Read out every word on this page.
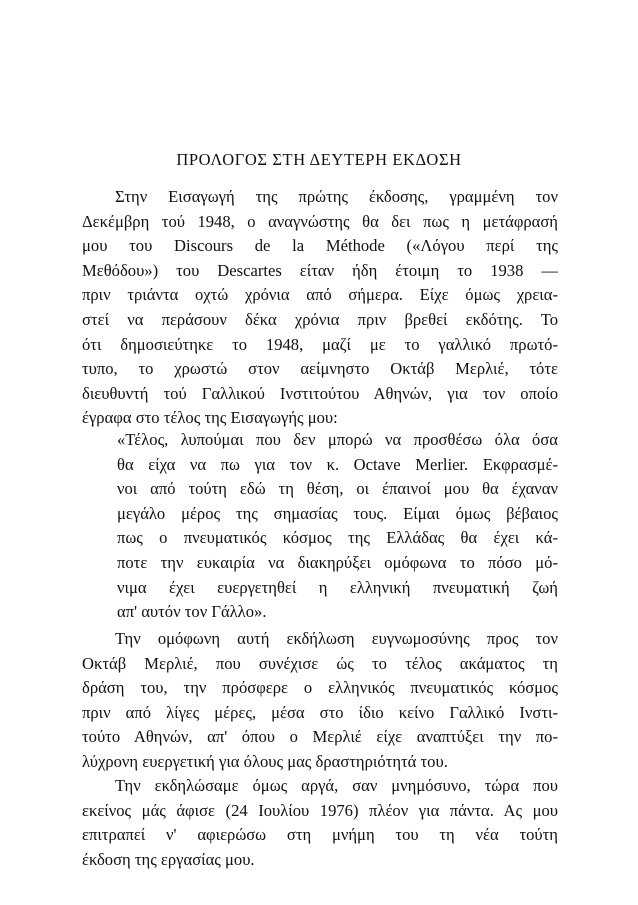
ΠΡΟΛΟΓΟΣ ΣΤΗ ΔΕΥΤΕΡΗ ΕΚΔΟΣΗ
Στην Εισαγωγή της πρώτης έκδοσης, γραμμένη τον
Δεκέμβρη τού 1948, ο αναγνώστης θα δει πως η μετάφρασή
μου του Discours de la Méthode («Λόγου περί της
Μεθόδου») του Descartes είταν ήδη έτοιμη το 1938 —
πριν τριάντα οχτώ χρόνια από σήμερα. Είχε όμως χρεια-
στεί να περάσουν δέκα χρόνια πριν βρεθεί εκδότης. Το
ότι δημοσιεύτηκε το 1948, μαζί με το γαλλικό πρωτό-
τυπο, το χρωστώ στον αείμνηστο Οκτάβ Μερλιέ, τότε
διευθυντή τού Γαλλικού Ινστιτούτου Αθηνών, για τον οποίο
έγραφα στο τέλος της Εισαγωγής μου:
«Τέλος, λυπούμαι που δεν μπορώ να προσθέσω όλα όσα
θα είχα να πω για τον κ. Octave Merlier. Εκφρασμέ-
νοι από τούτη εδώ τη θέση, οι έπαινοί μου θα έχαναν
μεγάλο μέρος της σημασίας τους. Είμαι όμως βέβαιος
πως ο πνευματικός κόσμος της Ελλάδας θα έχει κά-
ποτε την ευκαιρία να διακηρύξει ομόφωνα το πόσο μό-
νιμα έχει ευεργετηθεί η ελληνική πνευματική ζωή
απ' αυτόν τον Γάλλο».
Την ομόφωνη αυτή εκδήλωση ευγνωμοσύνης προς τον
Οκτάβ Μερλιέ, που συνέχισε ώς το τέλος ακάματος τη
δράση του, την πρόσφερε ο ελληνικός πνευματικός κόσμος
πριν από λίγες μέρες, μέσα στο ίδιο κείνο Γαλλικό Ινστι-
τούτο Αθηνών, απ' όπου ο Μερλιέ είχε αναπτύξει την πο-
λύχρονη ευεργετική για όλους μας δραστηριότητά του.
Την εκδηλώσαμε όμως αργά, σαν μνημόσυνο, τώρα που
εκείνος μάς άφισε (24 Ιουλίου 1976) πλέον για πάντα. Ας μου
επιτραπεί ν' αφιερώσω στη μνήμη του τη νέα τούτη
έκδοση της εργασίας μου.
